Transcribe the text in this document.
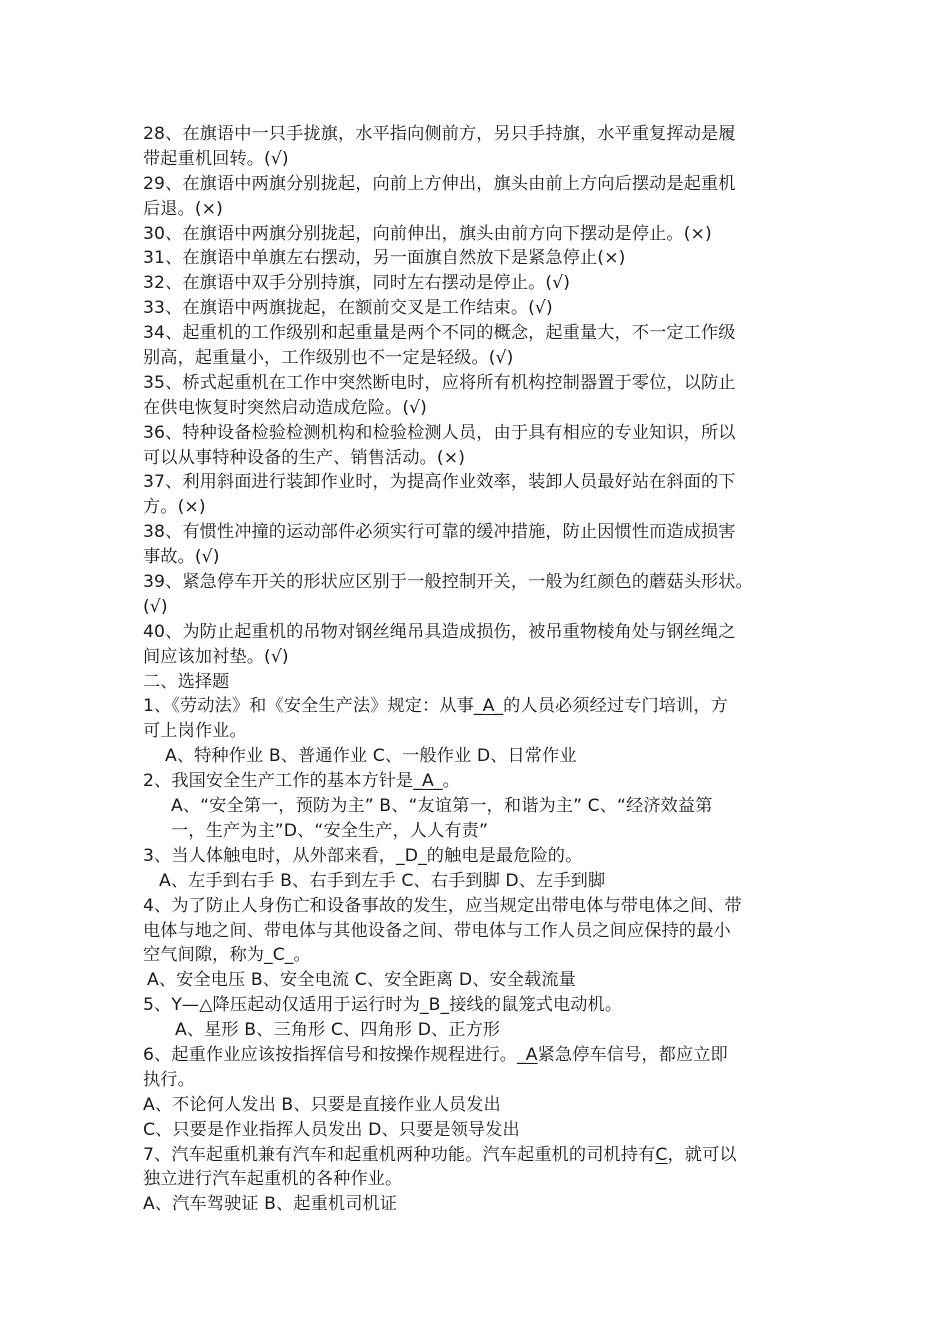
28、在旗语中一只手拢旗，水平指向侧前方，另只手持旗，水平重复挥动是履
带起重机回转。(√)
29、在旗语中两旗分别拢起，向前上方伸出，旗头由前上方向后摆动是起重机
后退。(×)
30、在旗语中两旗分别拢起，向前伸出，旗头由前方向下摆动是停止。(×)
31、在旗语中单旗左右摆动，另一面旗自然放下是紧急停止(×)
32、在旗语中双手分别持旗，同时左右摆动是停止。(√)
33、在旗语中两旗拢起，在额前交叉是工作结束。(√)
34、起重机的工作级别和起重量是两个不同的概念，起重量大，不一定工作级
别高，起重量小，工作级别也不一定是轻级。(√)
35、桥式起重机在工作中突然断电时，应将所有机构控制器置于零位，以防止
在供电恢复时突然启动造成危险。(√)
36、特种设备检验检测机构和检验检测人员，由于具有相应的专业知识，所以
可以从事特种设备的生产、销售活动。(×)
37、利用斜面进行装卸作业时，为提高作业效率，装卸人员最好站在斜面的下
方。(×)
38、有惯性冲撞的运动部件必须实行可靠的缓冲措施，防止因惯性而造成损害
事故。(√)
39、紧急停车开关的形状应区别于一般控制开关，一般为红颜色的蘑菇头形状。
(√)
40、为防止起重机的吊物对钢丝绳吊具造成损伤，被吊重物棱角处与钢丝绳之
间应该加衬垫。(√)
二、选择题
1、《劳动法》和《安全生产法》规定：从事_A_的人员必须经过专门培训，方
可上岗作业。
A、特种作业 B、普通作业 C、一般作业 D、日常作业
2、我国安全生产工作的基本方针是_A_。
A、“安全第一，预防为主” B、“友谊第一，和谐为主” C、“经济效益第
一，生产为主”D、“安全生产，人人有责”
3、当人体触电时，从外部来看，_D_的触电是最危险的。
A、左手到右手 B、右手到左手 C、右手到脚 D、左手到脚
4、为了防止人身伤亡和设备事故的发生，应当规定出带电体与带电体之间、带
电体与地之间、带电体与其他设备之间、带电体与工作人员之间应保持的最小
空气间隙，称为_C_。
A、安全电压 B、安全电流 C、安全距离 D、安全载流量
5、Y—△降压起动仅适用于运行时为_B_接线的鼠笼式电动机。
A、星形 B、三角形 C、四角形 D、正方形
6、起重作业应该按指挥信号和按操作规程进行。_A紧急停车信号，都应立即
执行。
A、不论何人发出 B、只要是直接作业人员发出
C、只要是作业指挥人员发出 D、只要是领导发出
7、汽车起重机兼有汽车和起重机两种功能。汽车起重机的司机持有C，就可以
独立进行汽车起重机的各种作业。
A、汽车驾驶证 B、起重机司机证
